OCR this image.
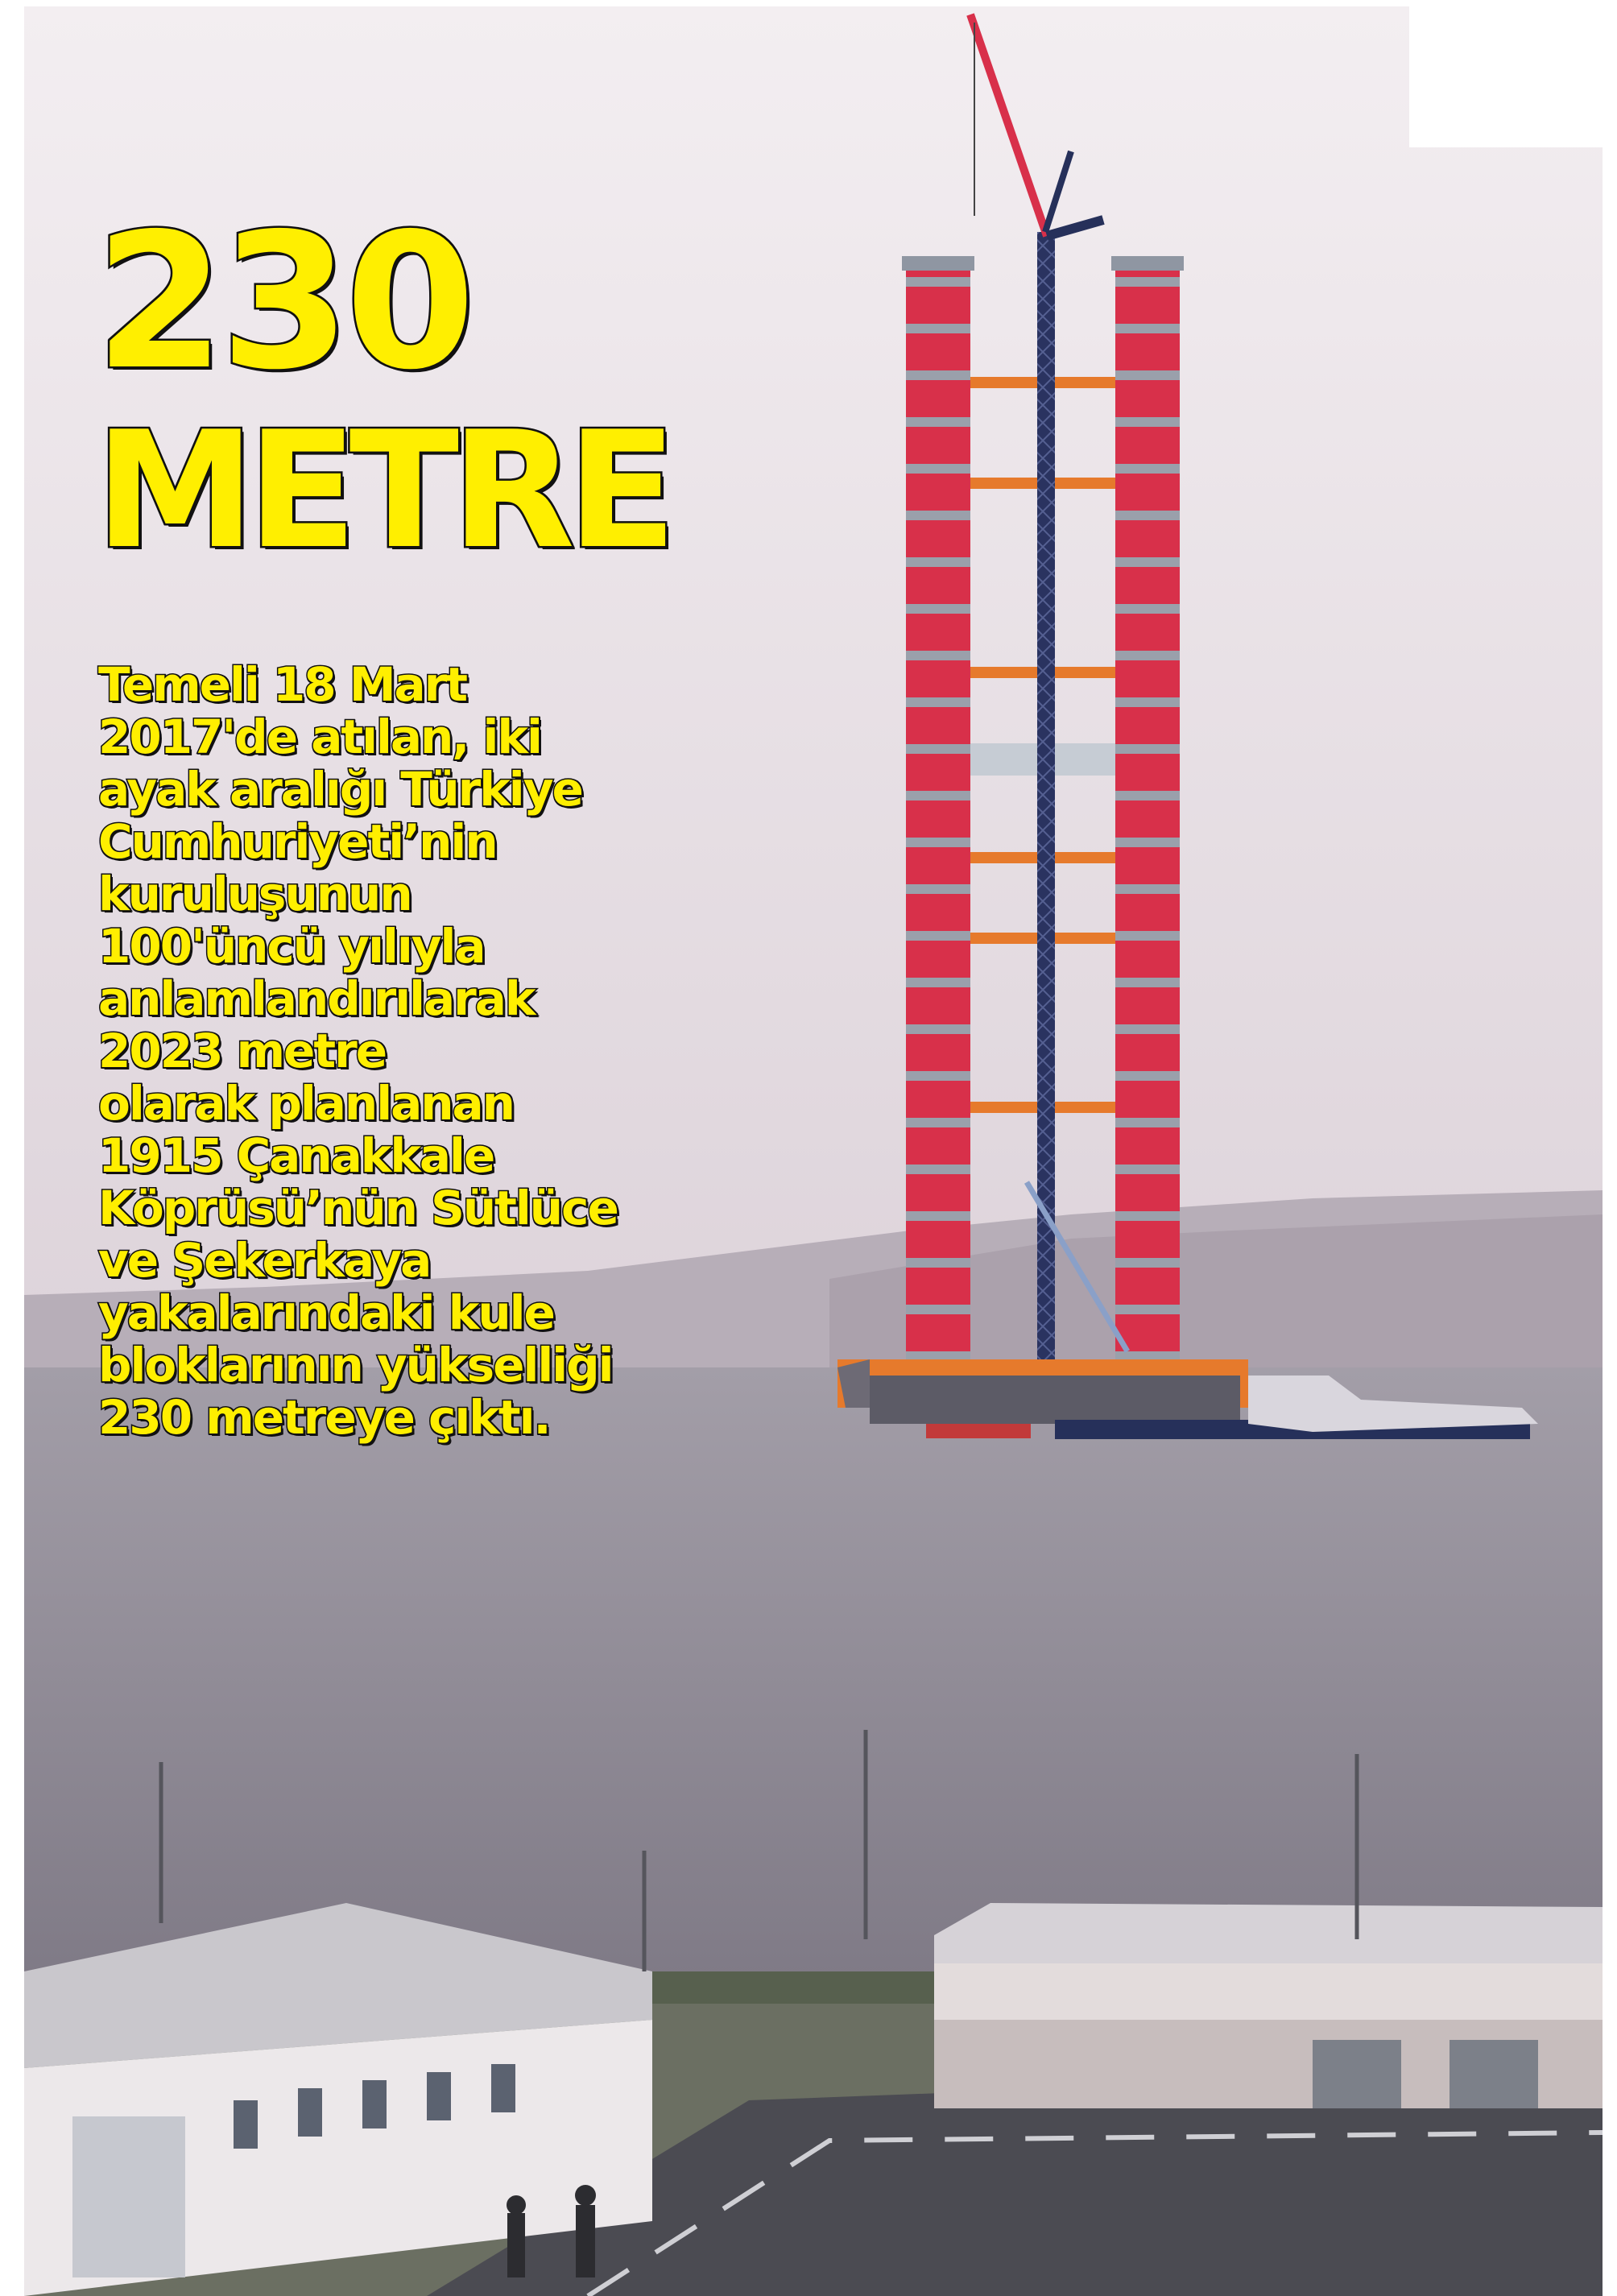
230
METRE

Temeli 18 Mart
2017'de atılan, iki
ayak aralığı Türkiye
Cumhuriyeti’nin
kuruluşunun
100'üncü yılıyla
anlamlandırılarak
2023 metre
olarak planlanan
1915 Çanakkale
Köprüsü’nün Sütlüce
ve Şekerkaya
yakalarındaki kule
bloklarının yükselliği
230 metreye çıktı.
